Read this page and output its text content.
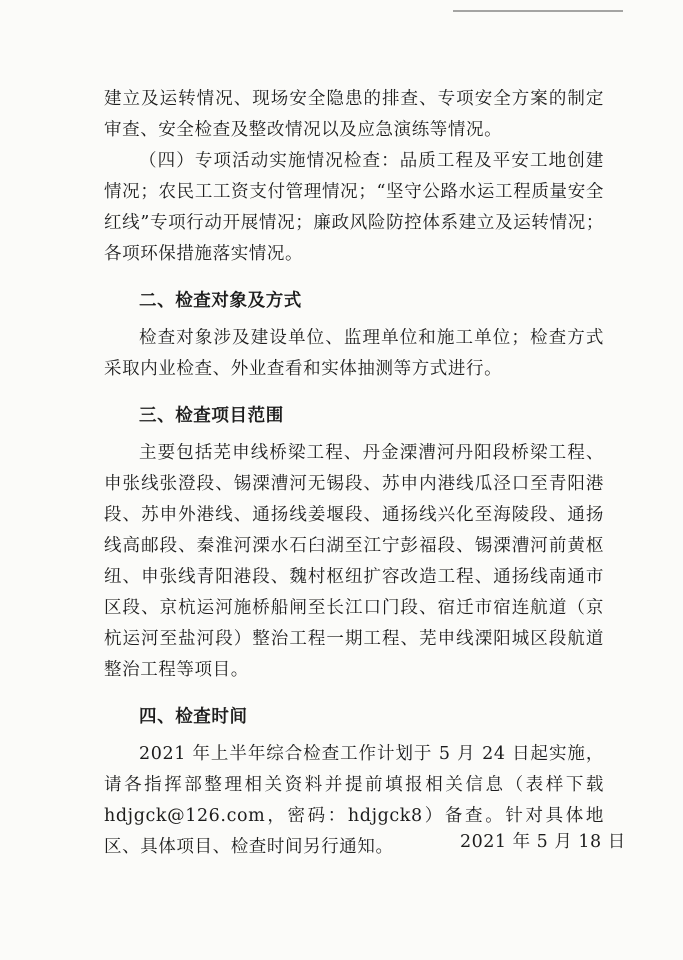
建立及运转情况、现场安全隐患的排查、专项安全方案的制定审查、安全检查及整改情况以及应急演练等情况。

（四）专项活动实施情况检查：品质工程及平安工地创建情况；农民工工资支付管理情况；“坚守公路水运工程质量安全红线”专项行动开展情况；廉政风险防控体系建立及运转情况；各项环保措施落实情况。

二、检查对象及方式

检查对象涉及建设单位、监理单位和施工单位；检查方式采取内业检查、外业查看和实体抽测等方式进行。

三、检查项目范围

主要包括芜申线桥梁工程、丹金溧漕河丹阳段桥梁工程、申张线张澄段、锡溧漕河无锡段、苏申内港线瓜泾口至青阳港段、苏申外港线、通扬线姜堰段、通扬线兴化至海陵段、通扬线高邮段、秦淮河溧水石臼湖至江宁彭福段、锡溧漕河前黄枢纽、申张线青阳港段、魏村枢纽扩容改造工程、通扬线南通市区段、京杭运河施桥船闸至长江口门段、宿迁市宿连航道（京杭运河至盐河段）整治工程一期工程、芜申线溧阳城区段航道整治工程等项目。

四、检查时间

2021 年上半年综合检查工作计划于 5 月 24 日起实施，请各指挥部整理相关资料并提前填报相关信息（表样下载 hdjgck@126.com，密码：hdjgck8）备查。针对具体地区、具体项目、检查时间另行通知。	2021 年 5 月 18 日
